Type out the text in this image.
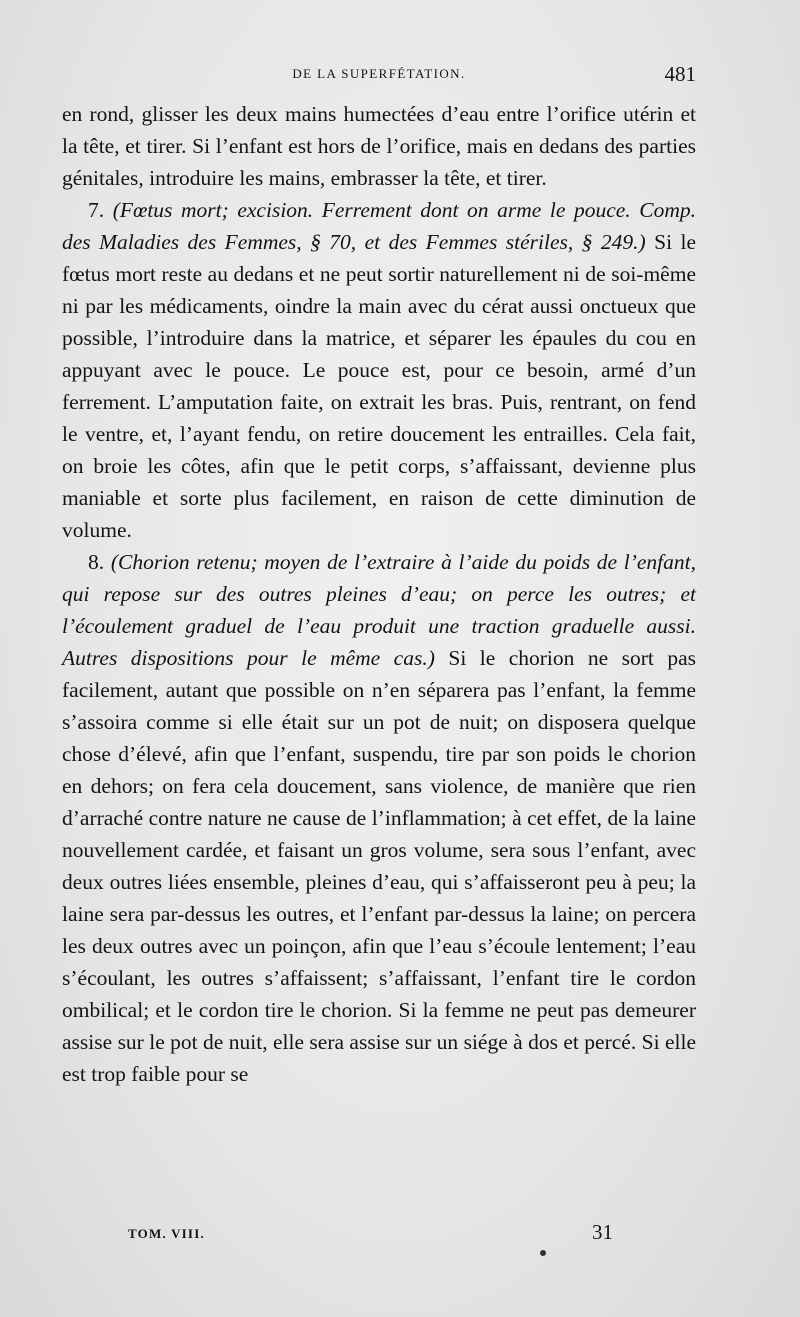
DE LA SUPERFÉTATION.	481

en rond, glisser les deux mains humectées d’eau entre l’orifice utérin et la tête, et tirer. Si l’enfant est hors de l’orifice, mais en dedans des parties génitales, introduire les mains, embrasser la tête, et tirer.

7. (Fœtus mort; excision. Ferrement dont on arme le pouce. Comp. des Maladies des Femmes, § 70, et des Femmes stériles, § 249.) Si le fœtus mort reste au dedans et ne peut sortir naturellement ni de soi-même ni par les médicaments, oindre la main avec du cérat aussi onctueux que possible, l’introduire dans la matrice, et séparer les épaules du cou en appuyant avec le pouce. Le pouce est, pour ce besoin, armé d’un ferrement. L’amputation faite, on extrait les bras. Puis, rentrant, on fend le ventre, et, l’ayant fendu, on retire doucement les entrailles. Cela fait, on broie les côtes, afin que le petit corps, s’affaissant, devienne plus maniable et sorte plus facilement, en raison de cette diminution de volume.

8. (Chorion retenu; moyen de l’extraire à l’aide du poids de l’enfant, qui repose sur des outres pleines d’eau; on perce les outres; et l’écoulement graduel de l’eau produit une traction graduelle aussi. Autres dispositions pour le même cas.) Si le chorion ne sort pas facilement, autant que possible on n’en séparera pas l’enfant, la femme s’assoira comme si elle était sur un pot de nuit; on disposera quelque chose d’élevé, afin que l’enfant, suspendu, tire par son poids le chorion en dehors; on fera cela doucement, sans violence, de manière que rien d’arraché contre nature ne cause de l’inflammation; à cet effet, de la laine nouvellement cardée, et faisant un gros volume, sera sous l’enfant, avec deux outres liées ensemble, pleines d’eau, qui s’affaisseront peu à peu; la laine sera par-dessus les outres, et l’enfant par-dessus la laine; on percera les deux outres avec un poinçon, afin que l’eau s’écoule lentement; l’eau s’écoulant, les outres s’affaissent; s’affaissant, l’enfant tire le cordon ombilical; et le cordon tire le chorion. Si la femme ne peut pas demeurer assise sur le pot de nuit, elle sera assise sur un siége à dos et percé. Si elle est trop faible pour se

TOM. VIII.	31
